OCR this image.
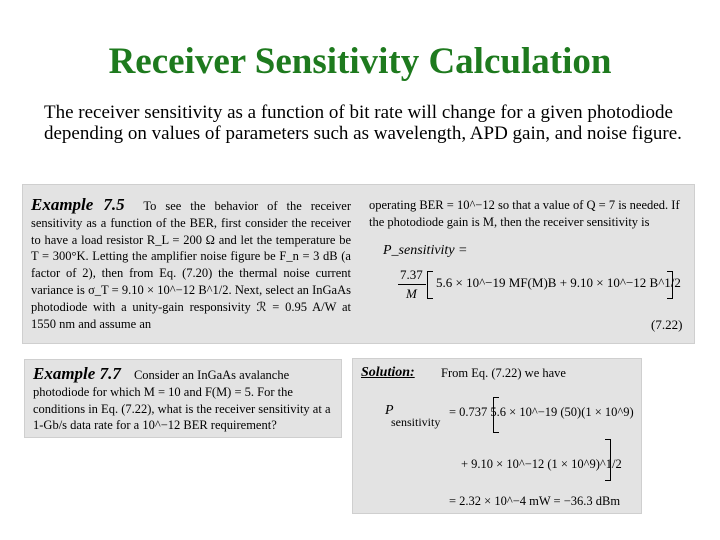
Receiver Sensitivity Calculation
The receiver sensitivity as a function of bit rate will change for a given photodiode depending on values of parameters such as wavelength, APD gain, and noise figure.
Example 7.5 To see the behavior of the receiver sensitivity as a function of the BER, first consider the receiver to have a load resistor R_L = 200 Ω and let the temperature be T = 300°K. Letting the amplifier noise figure be F_n = 3 dB (a factor of 2), then from Eq. (7.20) the thermal noise current variance is σ_T = 9.10 × 10^−12 B^1/2. Next, select an InGaAs photodiode with a unity-gain responsivity ℛ = 0.95 A/W at 1550 nm and assume an
operating BER = 10^−12 so that a value of Q = 7 is needed. If the photodiode gain is M, then the receiver sensitivity is
P_sensitivity =
7.37
M
5.6 × 10^−19 MF(M)B + 9.10 × 10^−12 B^1/2
(7.22)
Example 7.7 Consider an InGaAs avalanche photodiode for which M = 10 and F(M) = 5. For the conditions in Eq. (7.22), what is the receiver sensitivity at a 1-Gb/s data rate for a 10^−12 BER requirement?
Solution: From Eq. (7.22) we have
P
sensitivity
= 0.737 5.6 × 10^−19 (50)(1 × 10^9)
+ 9.10 × 10^−12 (1 × 10^9)^1/2
= 2.32 × 10^−4 mW = −36.3 dBm
